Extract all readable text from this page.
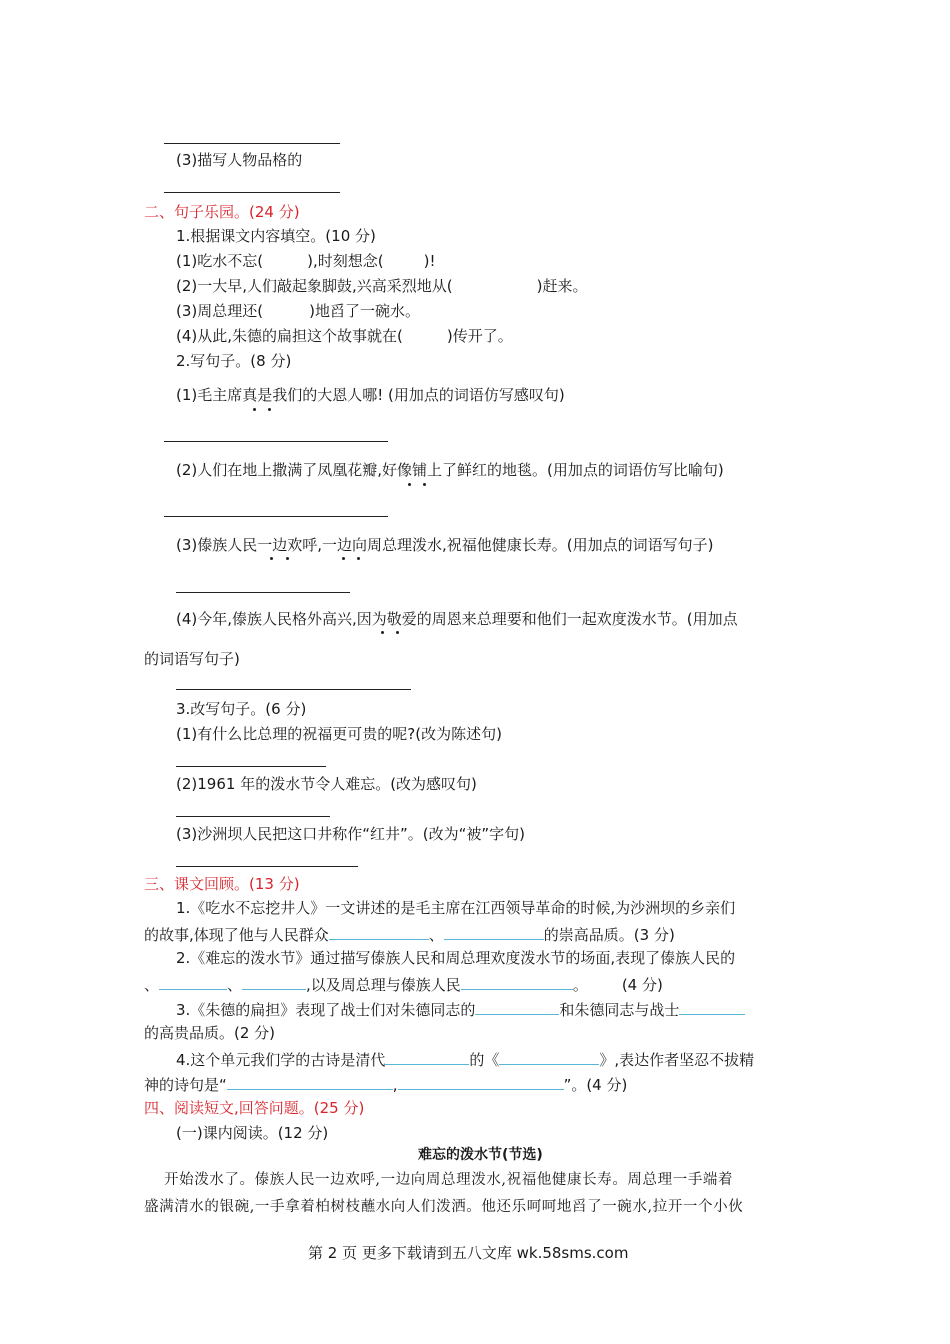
(3)描写人物品格的
二、句子乐园。(24 分)
1.根据课文内容填空。(10 分)
(1)吃水不忘(	),时刻想念(	)!
(2)一大早,人们敲起象脚鼓,兴高采烈地从(	)赶来。
(3)周总理还(	)地舀了一碗水。
(4)从此,朱德的扁担这个故事就在(	)传开了。
2.写句子。(8 分)
(1)毛主席真是我们的大恩人哪! (用加点的词语仿写感叹句)
(2)人们在地上撒满了凤凰花瓣,好像铺上了鲜红的地毯。(用加点的词语仿写比喻句)
(3)傣族人民一边欢呼,一边向周总理泼水,祝福他健康长寿。(用加点的词语写句子)
(4)今年,傣族人民格外高兴,因为敬爱的周恩来总理要和他们一起欢度泼水节。(用加点
的词语写句子)
3.改写句子。(6 分)
(1)有什么比总理的祝福更可贵的呢?(改为陈述句)
(2)1961 年的泼水节令人难忘。(改为感叹句)
(3)沙洲坝人民把这口井称作“红井”。(改为“被”字句)
三、课文回顾。(13 分)
1.《吃水不忘挖井人》一文讲述的是毛主席在江西领导革命的时候,为沙洲坝的乡亲们
的故事,体现了他与人民群众	、	的崇高品质。(3 分)
2.《难忘的泼水节》通过描写傣族人民和周总理欢度泼水节的场面,表现了傣族人民的
、	、	,以及周总理与傣族人民	。 (4 分)
3.《朱德的扁担》表现了战士们对朱德同志的	和朱德同志与战士
的高贵品质。(2 分)
4.这个单元我们学的古诗是清代	的《	》,表达作者坚忍不拔精
神的诗句是“	,	”。(4 分)
四、阅读短文,回答问题。(25 分)
(一)课内阅读。(12 分)
难忘的泼水节(节选)
开始泼水了。傣族人民一边欢呼,一边向周总理泼水,祝福他健康长寿。周总理一手端着
盛满清水的银碗,一手拿着柏树枝蘸水向人们泼洒。他还乐呵呵地舀了一碗水,拉开一个小伙
第 2 页 更多下载请到五八文库 wk.58sms.com
